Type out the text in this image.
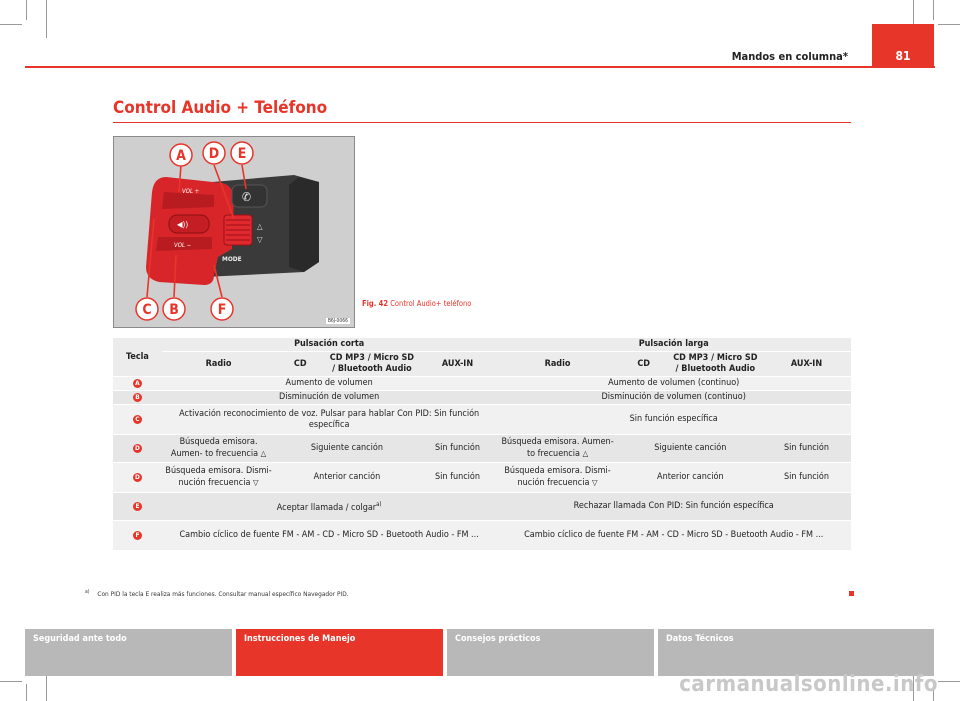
81
Mandos en columna*
Control Audio + Teléfono
✆
△
▽
VOL +
VOL −
MODE
◀))
A D E
C B	F
B6J-0066
Fig. 42 Control Audio+ teléfono
Tecla	Pulsación corta				Pulsación larga			
	Radio	CD	CD MP3 / Micro SD / Bluetooth Audio	AUX-IN	Radio	CD	CD MP3 / Micro SD / Bluetooth Audio	AUX-IN
A	Aumento de volumen				Aumento de volumen (continuo)			
B	Disminución de volumen				Disminución de volumen (continuo)			
C	Activación reconocimiento de voz. Pulsar para hablar Con PID: Sin función específica				Sin función específica			
D	Búsqueda emisora. Aumen- to frecuencia △	Siguiente canción		Sin función	Búsqueda emisora. Aumen- to frecuencia △	Siguiente canción		Sin función
D	Búsqueda emisora. Dismi- nución frecuencia ▽	Anterior canción		Sin función	Búsqueda emisora. Dismi- nución frecuencia ▽	Anterior canción		Sin función
E	Aceptar llamada / colgar$^{a)}$				Rechazar llamada Con PID: Sin función específica			
F	Cambio cíclico de fuente FM - AM - CD - Micro SD - Buetooth Audio - FM ...				Cambio cíclico de fuente FM - AM - CD - Micro SD - Buetooth Audio - FM ...			
$^{a)}$ Con PID la tecla E realiza más funciones. Consultar manual específico Navegador PID.
Seguridad ante todo	Instrucciones de Manejo	Consejos prácticos	Datos Técnicos
carmanualsonline.info
